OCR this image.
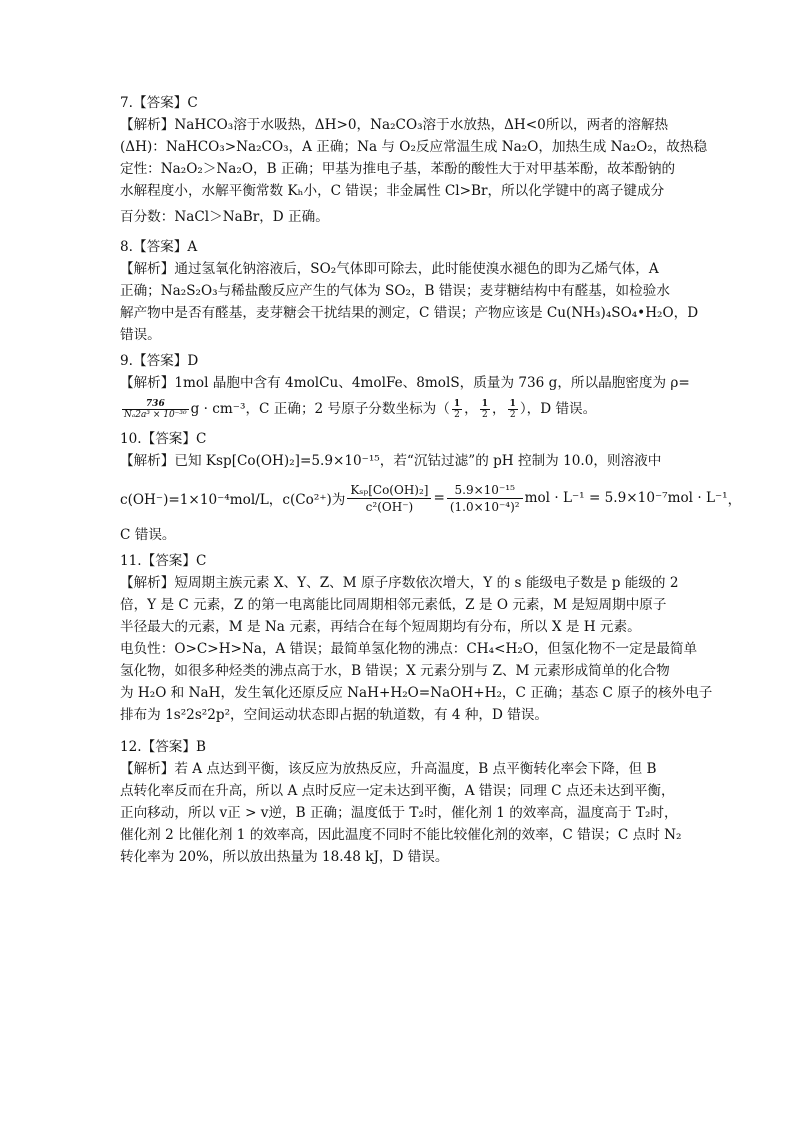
7.【答案】C

【解析】NaHCO₃溶于水吸热，ΔH>0，Na₂CO₃溶于水放热，ΔH<0所以，两者的溶解热

(ΔH)：NaHCO₃>Na₂CO₃，A 正确；Na 与 O₂反应常温生成 Na₂O，加热生成 Na₂O₂，故热稳

定性：Na₂O₂＞Na₂O，B 正确；甲基为推电子基，苯酚的酸性大于对甲基苯酚，故苯酚钠的

水解程度小，水解平衡常数 Kₕ小，C 错误；非金属性 Cl>Br，所以化学键中的离子键成分

百分数：NaCl＞NaBr，D 正确。

8.【答案】A

【解析】通过氢氧化钠溶液后，SO₂气体即可除去，此时能使溴水褪色的即为乙烯气体，A

正确；Na₂S₂O₃与稀盐酸反应产生的气体为 SO₂，B 错误；麦芽糖结构中有醛基，如检验水

解产物中是否有醛基，麦芽糖会干扰结果的测定，C 错误；产物应该是 Cu(NH₃)₄SO₄•H₂O，D

错误。

9.【答案】D

【解析】1mol 晶胞中含有 4molCu、4molFe、8molS，质量为 736 g，所以晶胞密度为 ρ=

$\frac{736}{\text{Nₐ2a³ × 10⁻³⁰}}$ g · cm⁻³，C 正确；2 号原子分数坐标为（ $\frac{1}{2}$ ， $\frac{1}{2}$ ， $\frac{1}{2}$ ），D 错误。

10.【答案】C

【解析】已知 Ksp[Co(OH)₂]=5.9×10⁻¹⁵，若“沉钴过滤”的 pH 控制为 10.0，则溶液中

c(OH⁻)=1×10⁻⁴mol/L，c(Co²⁺)为 $\frac{\text{Kₛₚ[Co(OH)₂]}}{\text{c²(OH⁻)}} = \frac{\text{5.9×10⁻¹⁵}}{\text{(1.0×10⁻⁴)²}}$ mol · L⁻¹ = 5.9×10⁻⁷mol · L⁻¹ ，

C 错误。

11.【答案】C

【解析】短周期主族元素 X、Y、Z、M 原子序数依次增大，Y 的 s 能级电子数是 p 能级的 2

倍，Y 是 C 元素，Z 的第一电离能比同周期相邻元素低，Z 是 O 元素，M 是短周期中原子

半径最大的元素，M 是 Na 元素，再结合在每个短周期均有分布，所以 X 是 H 元素。

电负性：O>C>H>Na，A 错误；最简单氢化物的沸点：CH₄<H₂O，但氢化物不一定是最简单

氢化物，如很多种烃类的沸点高于水，B 错误；X 元素分别与 Z、M 元素形成简单的化合物

为 H₂O 和 NaH，发生氧化还原反应 NaH+H₂O=NaOH+H₂，C 正确；基态 C 原子的核外电子

排布为 1s²2s²2p²，空间运动状态即占据的轨道数，有 4 种，D 错误。

12.【答案】B

【解析】若 A 点达到平衡，该反应为放热反应，升高温度，B 点平衡转化率会下降，但 B

点转化率反而在升高，所以 A 点时反应一定未达到平衡，A 错误；同理 C 点还未达到平衡，

正向移动，所以 v正 > v逆，B 正确；温度低于 T₂时，催化剂 1 的效率高，温度高于 T₂时，

催化剂 2 比催化剂 1 的效率高，因此温度不同时不能比较催化剂的效率，C 错误；C 点时 N₂

转化率为 20%，所以放出热量为 18.48 kJ，D 错误。
